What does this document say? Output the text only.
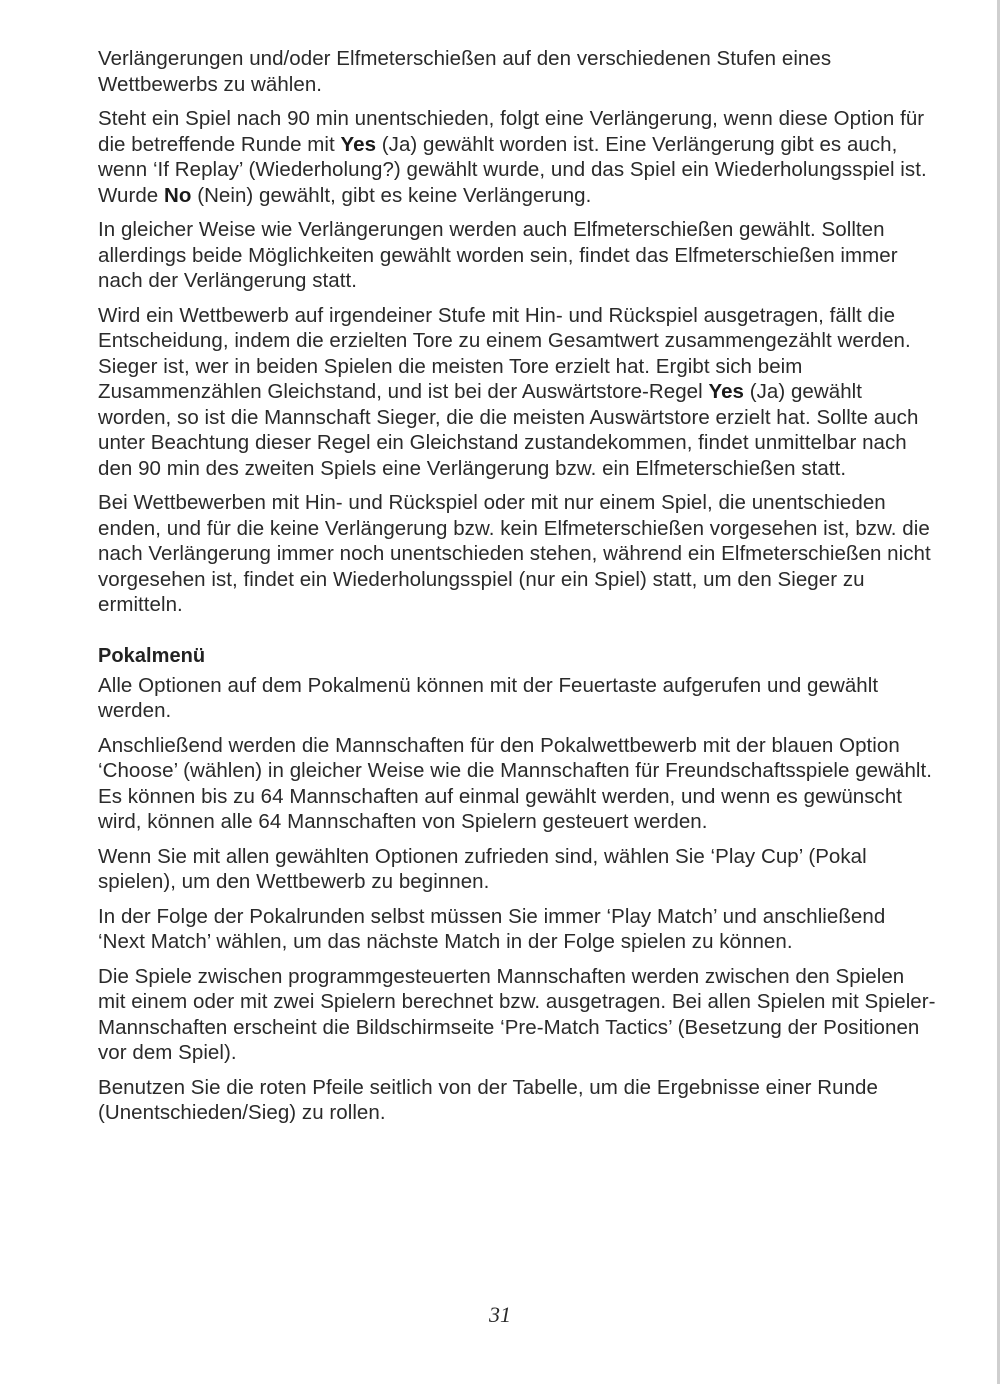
Verlängerungen und/oder Elfmeterschießen auf den verschiedenen Stufen eines Wettbewerbs zu wählen.

Steht ein Spiel nach 90 min unentschieden, folgt eine Verlängerung, wenn diese Option für die betreffende Runde mit Yes (Ja) gewählt worden ist. Eine Verlängerung gibt es auch, wenn ‘If Replay’ (Wiederholung?) gewählt wurde, und das Spiel ein Wiederholungsspiel ist. Wurde No (Nein) gewählt, gibt es keine Verlängerung.

In gleicher Weise wie Verlängerungen werden auch Elfmeterschießen gewählt. Sollten allerdings beide Möglichkeiten gewählt worden sein, findet das Elfmeterschießen immer nach der Verlängerung statt.

Wird ein Wettbewerb auf irgendeiner Stufe mit Hin- und Rückspiel ausgetragen, fällt die Entscheidung, indem die erzielten Tore zu einem Gesamtwert zusammengezählt werden. Sieger ist, wer in beiden Spielen die meisten Tore erzielt hat. Ergibt sich beim Zusammenzählen Gleichstand, und ist bei der Auswärtstore-Regel Yes (Ja) gewählt worden, so ist die Mannschaft Sieger, die die meisten Auswärtstore erzielt hat. Sollte auch unter Beachtung dieser Regel ein Gleichstand zustandekommen, findet unmittelbar nach den 90 min des zweiten Spiels eine Verlängerung bzw. ein Elfmeterschießen statt.

Bei Wettbewerben mit Hin- und Rückspiel oder mit nur einem Spiel, die unentschieden enden, und für die keine Verlängerung bzw. kein Elfmeterschießen vorgesehen ist, bzw. die nach Verlängerung immer noch unentschieden stehen, während ein Elfmeterschießen nicht vorgesehen ist, findet ein Wiederholungsspiel (nur ein Spiel) statt, um den Sieger zu ermitteln.

Pokalmenü

Alle Optionen auf dem Pokalmenü können mit der Feuertaste aufgerufen und gewählt werden.

Anschließend werden die Mannschaften für den Pokalwettbewerb mit der blauen Option ‘Choose’ (wählen) in gleicher Weise wie die Mannschaften für Freundschaftsspiele gewählt. Es können bis zu 64 Mannschaften auf einmal gewählt werden, und wenn es gewünscht wird, können alle 64 Mannschaften von Spielern gesteuert werden.

Wenn Sie mit allen gewählten Optionen zufrieden sind, wählen Sie ‘Play Cup’ (Pokal spielen), um den Wettbewerb zu beginnen.

In der Folge der Pokalrunden selbst müssen Sie immer ‘Play Match’ und anschließend ‘Next Match’ wählen, um das nächste Match in der Folge spielen zu können.

Die Spiele zwischen programmgesteuerten Mannschaften werden zwischen den Spielen mit einem oder mit zwei Spielern berechnet bzw. ausgetragen. Bei allen Spielen mit Spieler-Mannschaften erscheint die Bildschirmseite ‘Pre-Match Tactics’ (Besetzung der Positionen vor dem Spiel).

Benutzen Sie die roten Pfeile seitlich von der Tabelle, um die Ergebnisse einer Runde (Unentschieden/Sieg) zu rollen.

31
